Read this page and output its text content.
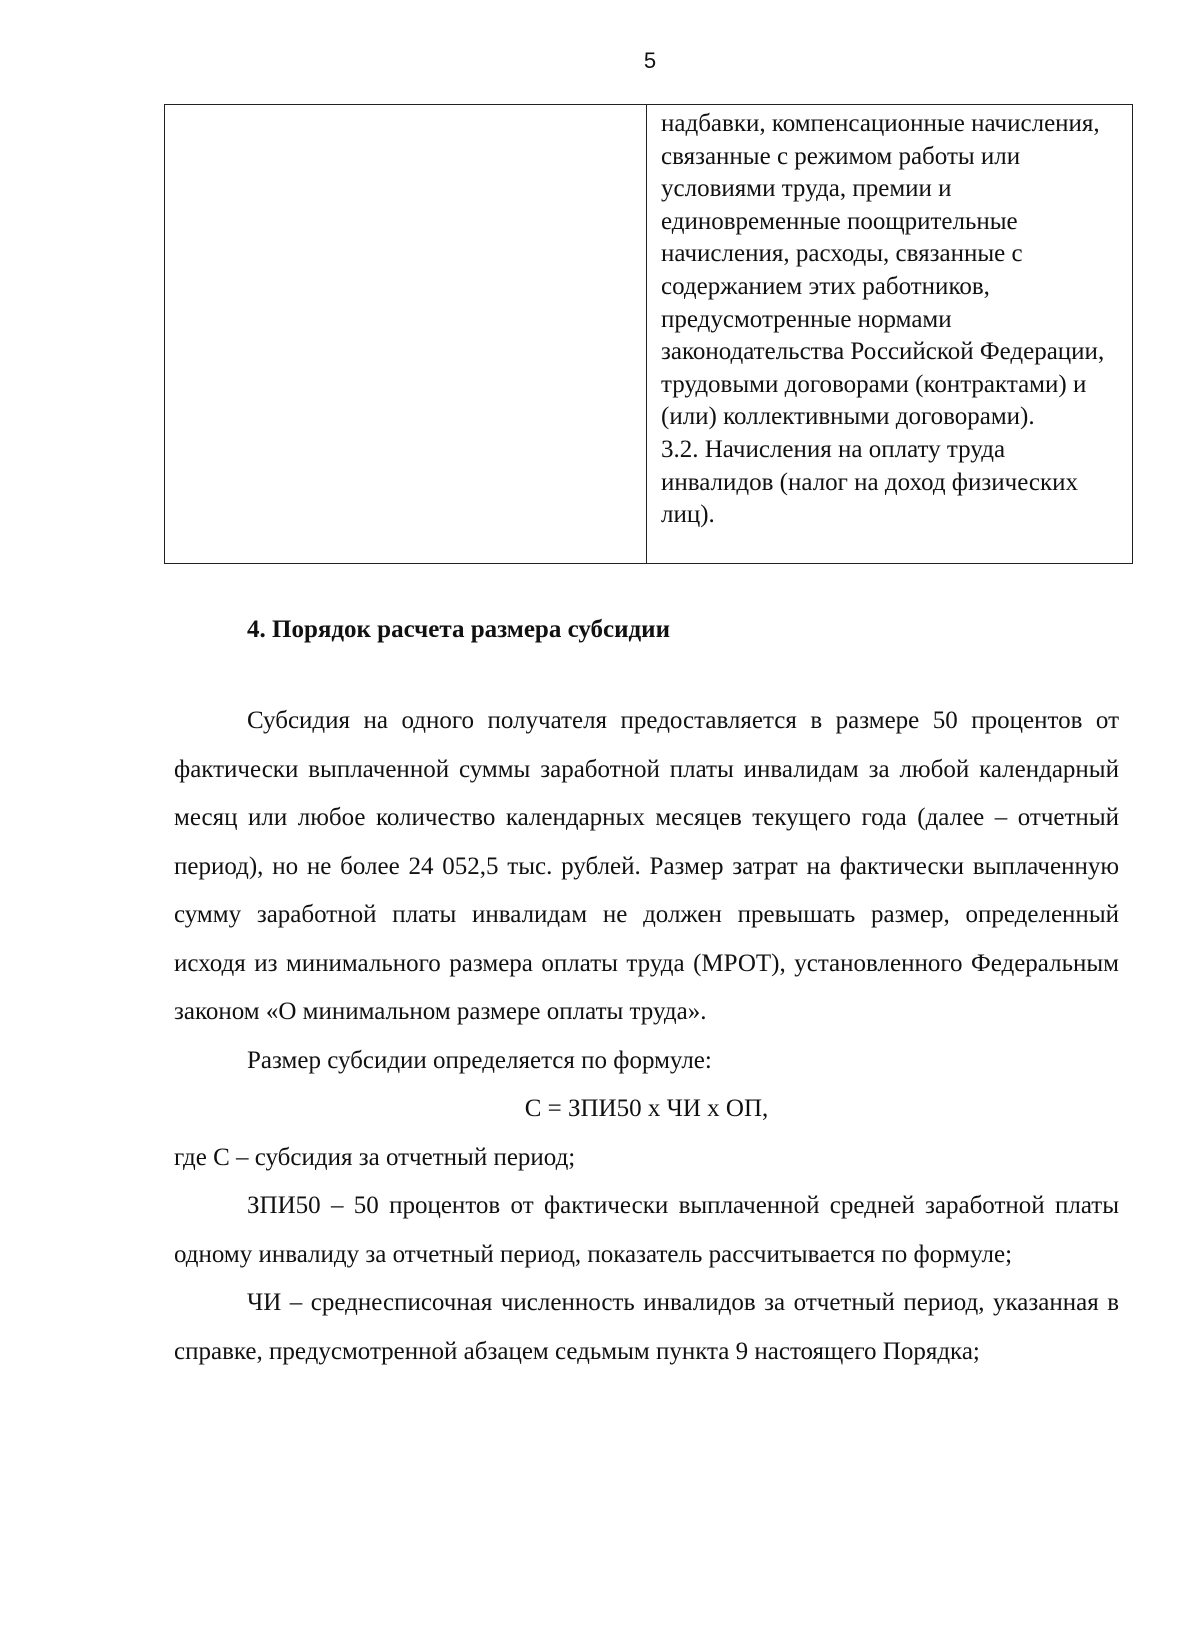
5

надбавки, компенсационные начисления, связанные с режимом работы или условиями труда, премии и единовременные поощрительные начисления, расходы, связанные с содержанием этих работников, предусмотренные нормами законодательства Российской Федерации, трудовыми договорами (контрактами) и (или) коллективными договорами).

3.2. Начисления на оплату труда инвалидов (налог на доход физических лиц).

4. Порядок расчета размера субсидии

Субсидия на одного получателя предоставляется в размере 50 процентов от фактически выплаченной суммы заработной платы инвалидам за любой календарный месяц или любое количество календарных месяцев текущего года (далее – отчетный период), но не более 24 052,5 тыс. рублей. Размер затрат на фактически выплаченную сумму заработной платы инвалидам не должен превышать размер, определенный исходя из минимального размера оплаты труда (МРОТ), установленного Федеральным законом «О минимальном размере оплаты труда».

Размер субсидии определяется по формуле:

С = ЗПИ50 х ЧИ х ОП,

где С – субсидия за отчетный период;

ЗПИ50 – 50 процентов от фактически выплаченной средней заработной платы одному инвалиду за отчетный период, показатель рассчитывается по формуле;

ЧИ – среднесписочная численность инвалидов за отчетный период, указанная в справке, предусмотренной абзацем седьмым пункта 9 настоящего Порядка;
